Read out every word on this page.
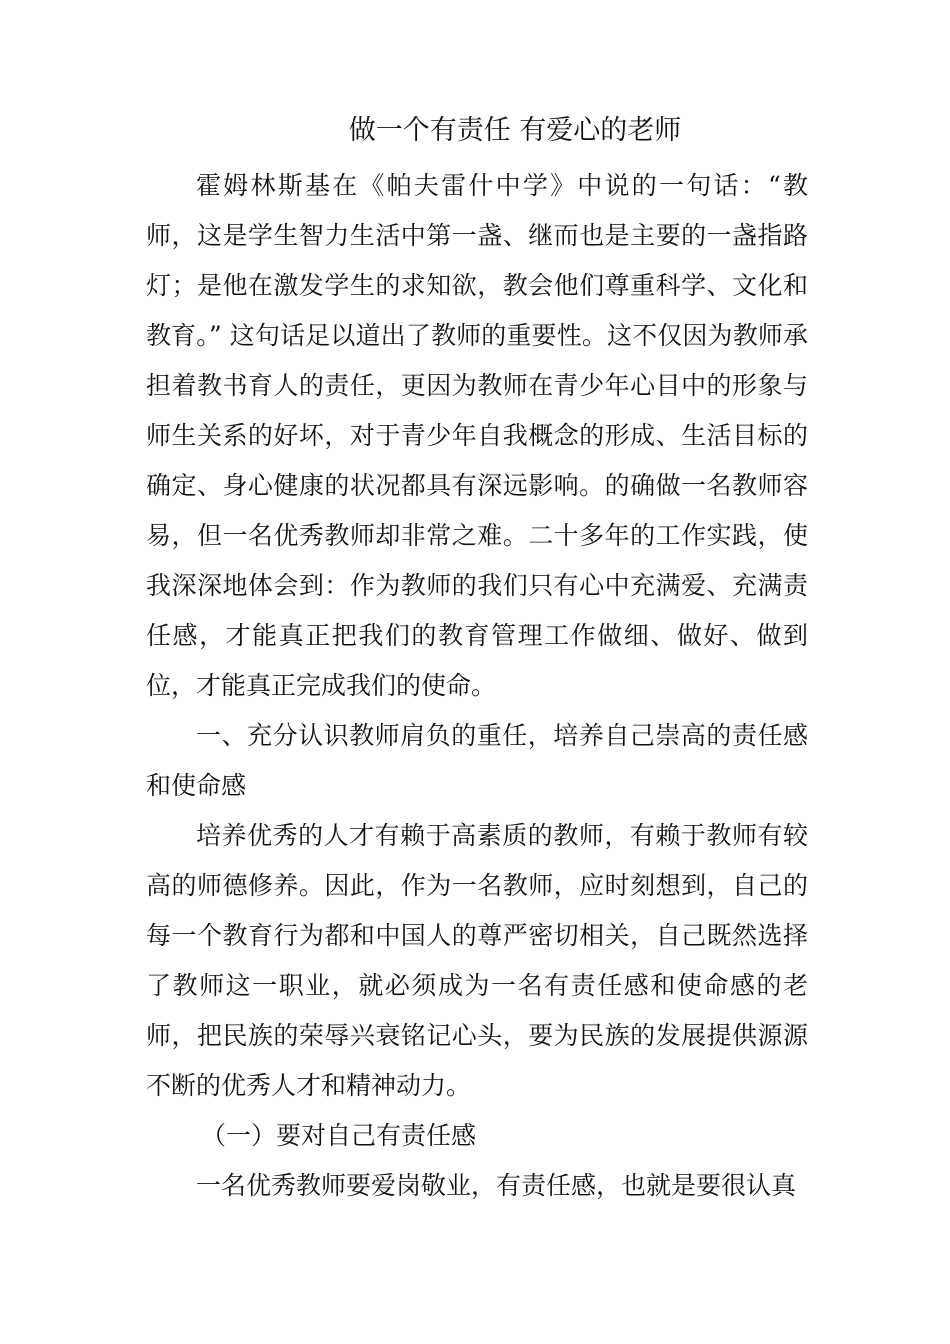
做一个有责任 有爱心的老师

霍姆林斯基在《帕夫雷什中学》中说的一句话：“教师，这是学生智力生活中第一盏、继而也是主要的一盏指路灯；是他在激发学生的求知欲，教会他们尊重科学、文化和教育。” 这句话足以道出了教师的重要性。这不仅因为教师承担着教书育人的责任，更因为教师在青少年心目中的形象与师生关系的好坏，对于青少年自我概念的形成、生活目标的确定、身心健康的状况都具有深远影响。的确做一名教师容易，但一名优秀教师却非常之难。二十多年的工作实践，使我深深地体会到：作为教师的我们只有心中充满爱、充满责任感，才能真正把我们的教育管理工作做细、做好、做到位，才能真正完成我们的使命。

一、充分认识教师肩负的重任，培养自己崇高的责任感和使命感

培养优秀的人才有赖于高素质的教师，有赖于教师有较高的师德修养。因此，作为一名教师，应时刻想到，自己的每一个教育行为都和中国人的尊严密切相关，自己既然选择了教师这一职业，就必须成为一名有责任感和使命感的老师，把民族的荣辱兴衰铭记心头，要为民族的发展提供源源不断的优秀人才和精神动力。

（一）要对自己有责任感

一名优秀教师要爱岗敬业，有责任感，也就是要很认真
